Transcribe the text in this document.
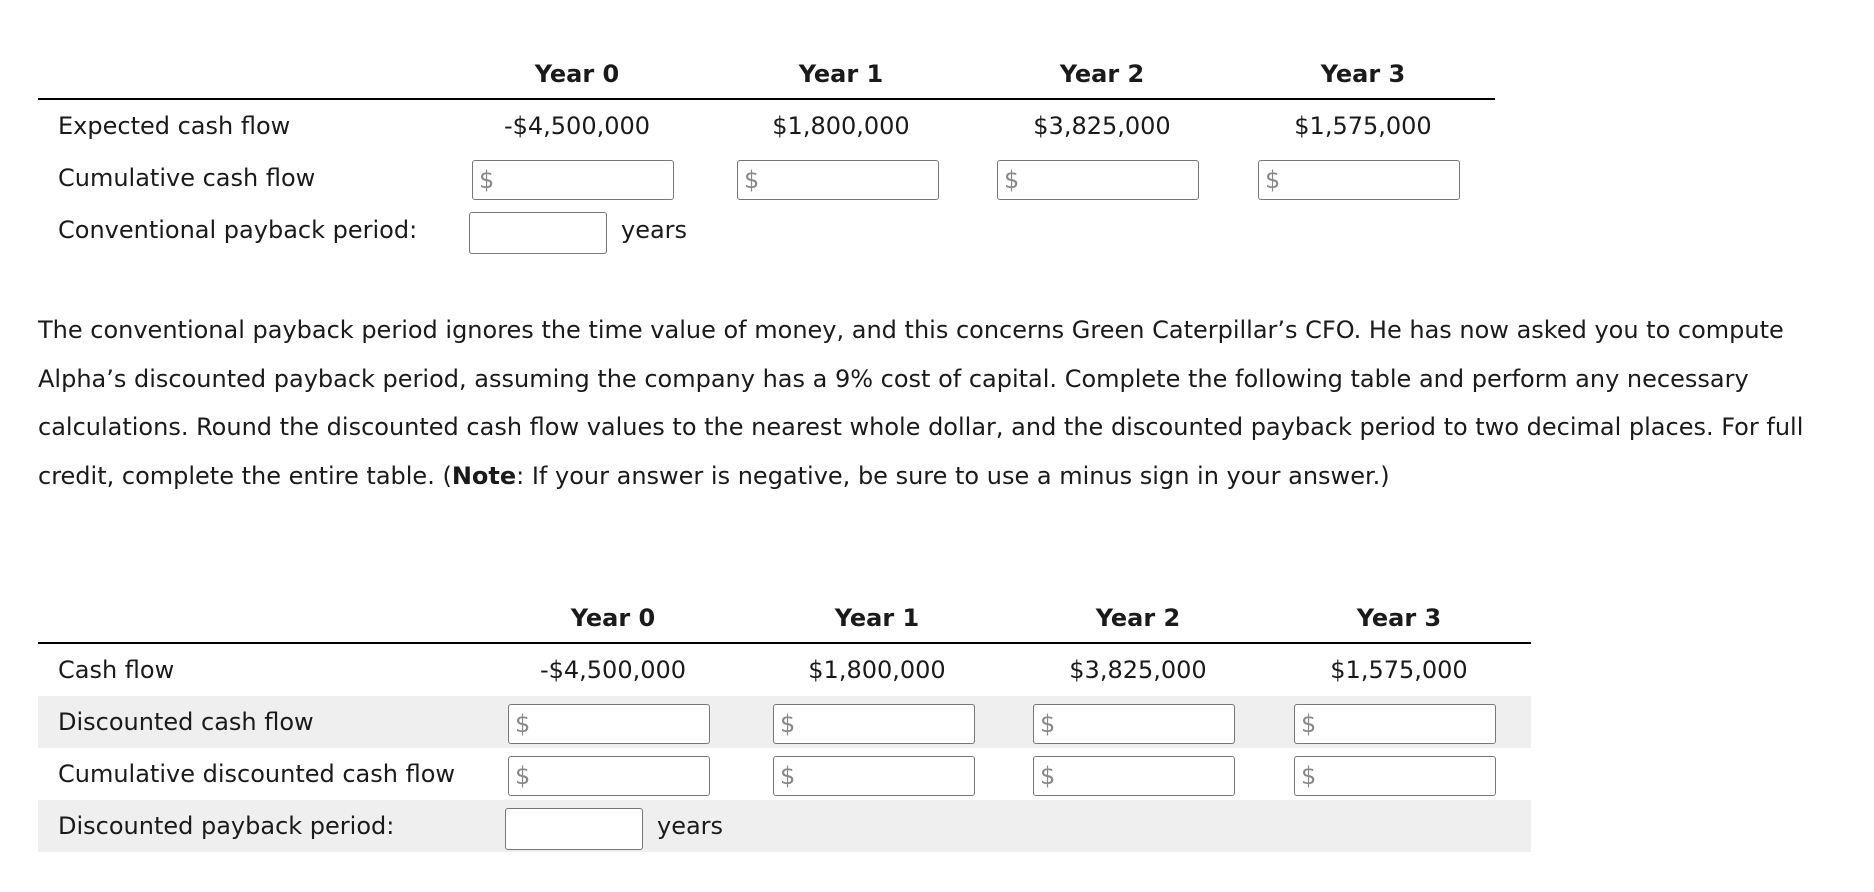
Year 0	Year 1	Year 2	Year 3
Expected cash flow	-$4,500,000	$1,800,000	$3,825,000	$1,575,000
Cumulative cash flow	$	$	$	$
Conventional payback period:	years
The conventional payback period ignores the time value of money, and this concerns Green Caterpillar’s CFO. He has now asked you to compute Alpha’s discounted payback period, assuming the company has a 9% cost of capital. Complete the following table and perform any necessary calculations. Round the discounted cash flow values to the nearest whole dollar, and the discounted payback period to two decimal places. For full credit, complete the entire table. (Note: If your answer is negative, be sure to use a minus sign in your answer.)
Year 0	Year 1	Year 2	Year 3
Cash flow	-$4,500,000	$1,800,000	$3,825,000	$1,575,000
Discounted cash flow	$	$	$	$
Cumulative discounted cash flow $	$	$	$
Discounted payback period:	years
